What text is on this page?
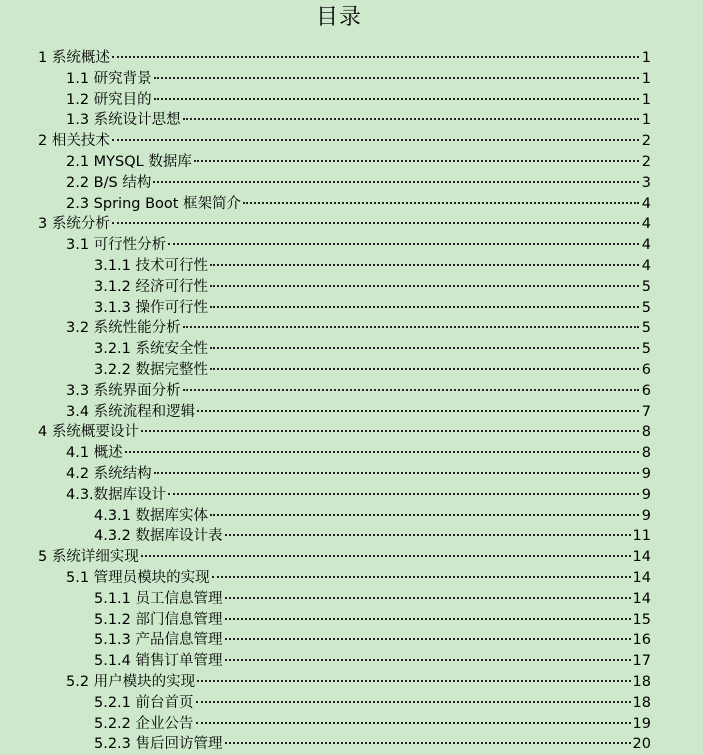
目录
1 系统概述	1
1.1 研究背景	1
1.2 研究目的	1
1.3 系统设计思想	1
2 相关技术	2
2.1 MYSQL 数据库	2
2.2 B/S 结构	3
2.3 Spring Boot 框架简介	4
3 系统分析	4
3.1 可行性分析	4
3.1.1 技术可行性	4
3.1.2 经济可行性	5
3.1.3 操作可行性	5
3.2 系统性能分析	5
3.2.1 系统安全性	5
3.2.2 数据完整性	6
3.3 系统界面分析	6
3.4 系统流程和逻辑	7
4 系统概要设计	8
4.1 概述	8
4.2 系统结构	9
4.3.数据库设计	9
4.3.1 数据库实体	9
4.3.2 数据库设计表	11
5 系统详细实现	14
5.1 管理员模块的实现	14
5.1.1 员工信息管理	14
5.1.2 部门信息管理	15
5.1.3 产品信息管理	16
5.1.4 销售订单管理	17
5.2 用户模块的实现	18
5.2.1 前台首页	18
5.2.2 企业公告	19
5.2.3 售后回访管理	20
